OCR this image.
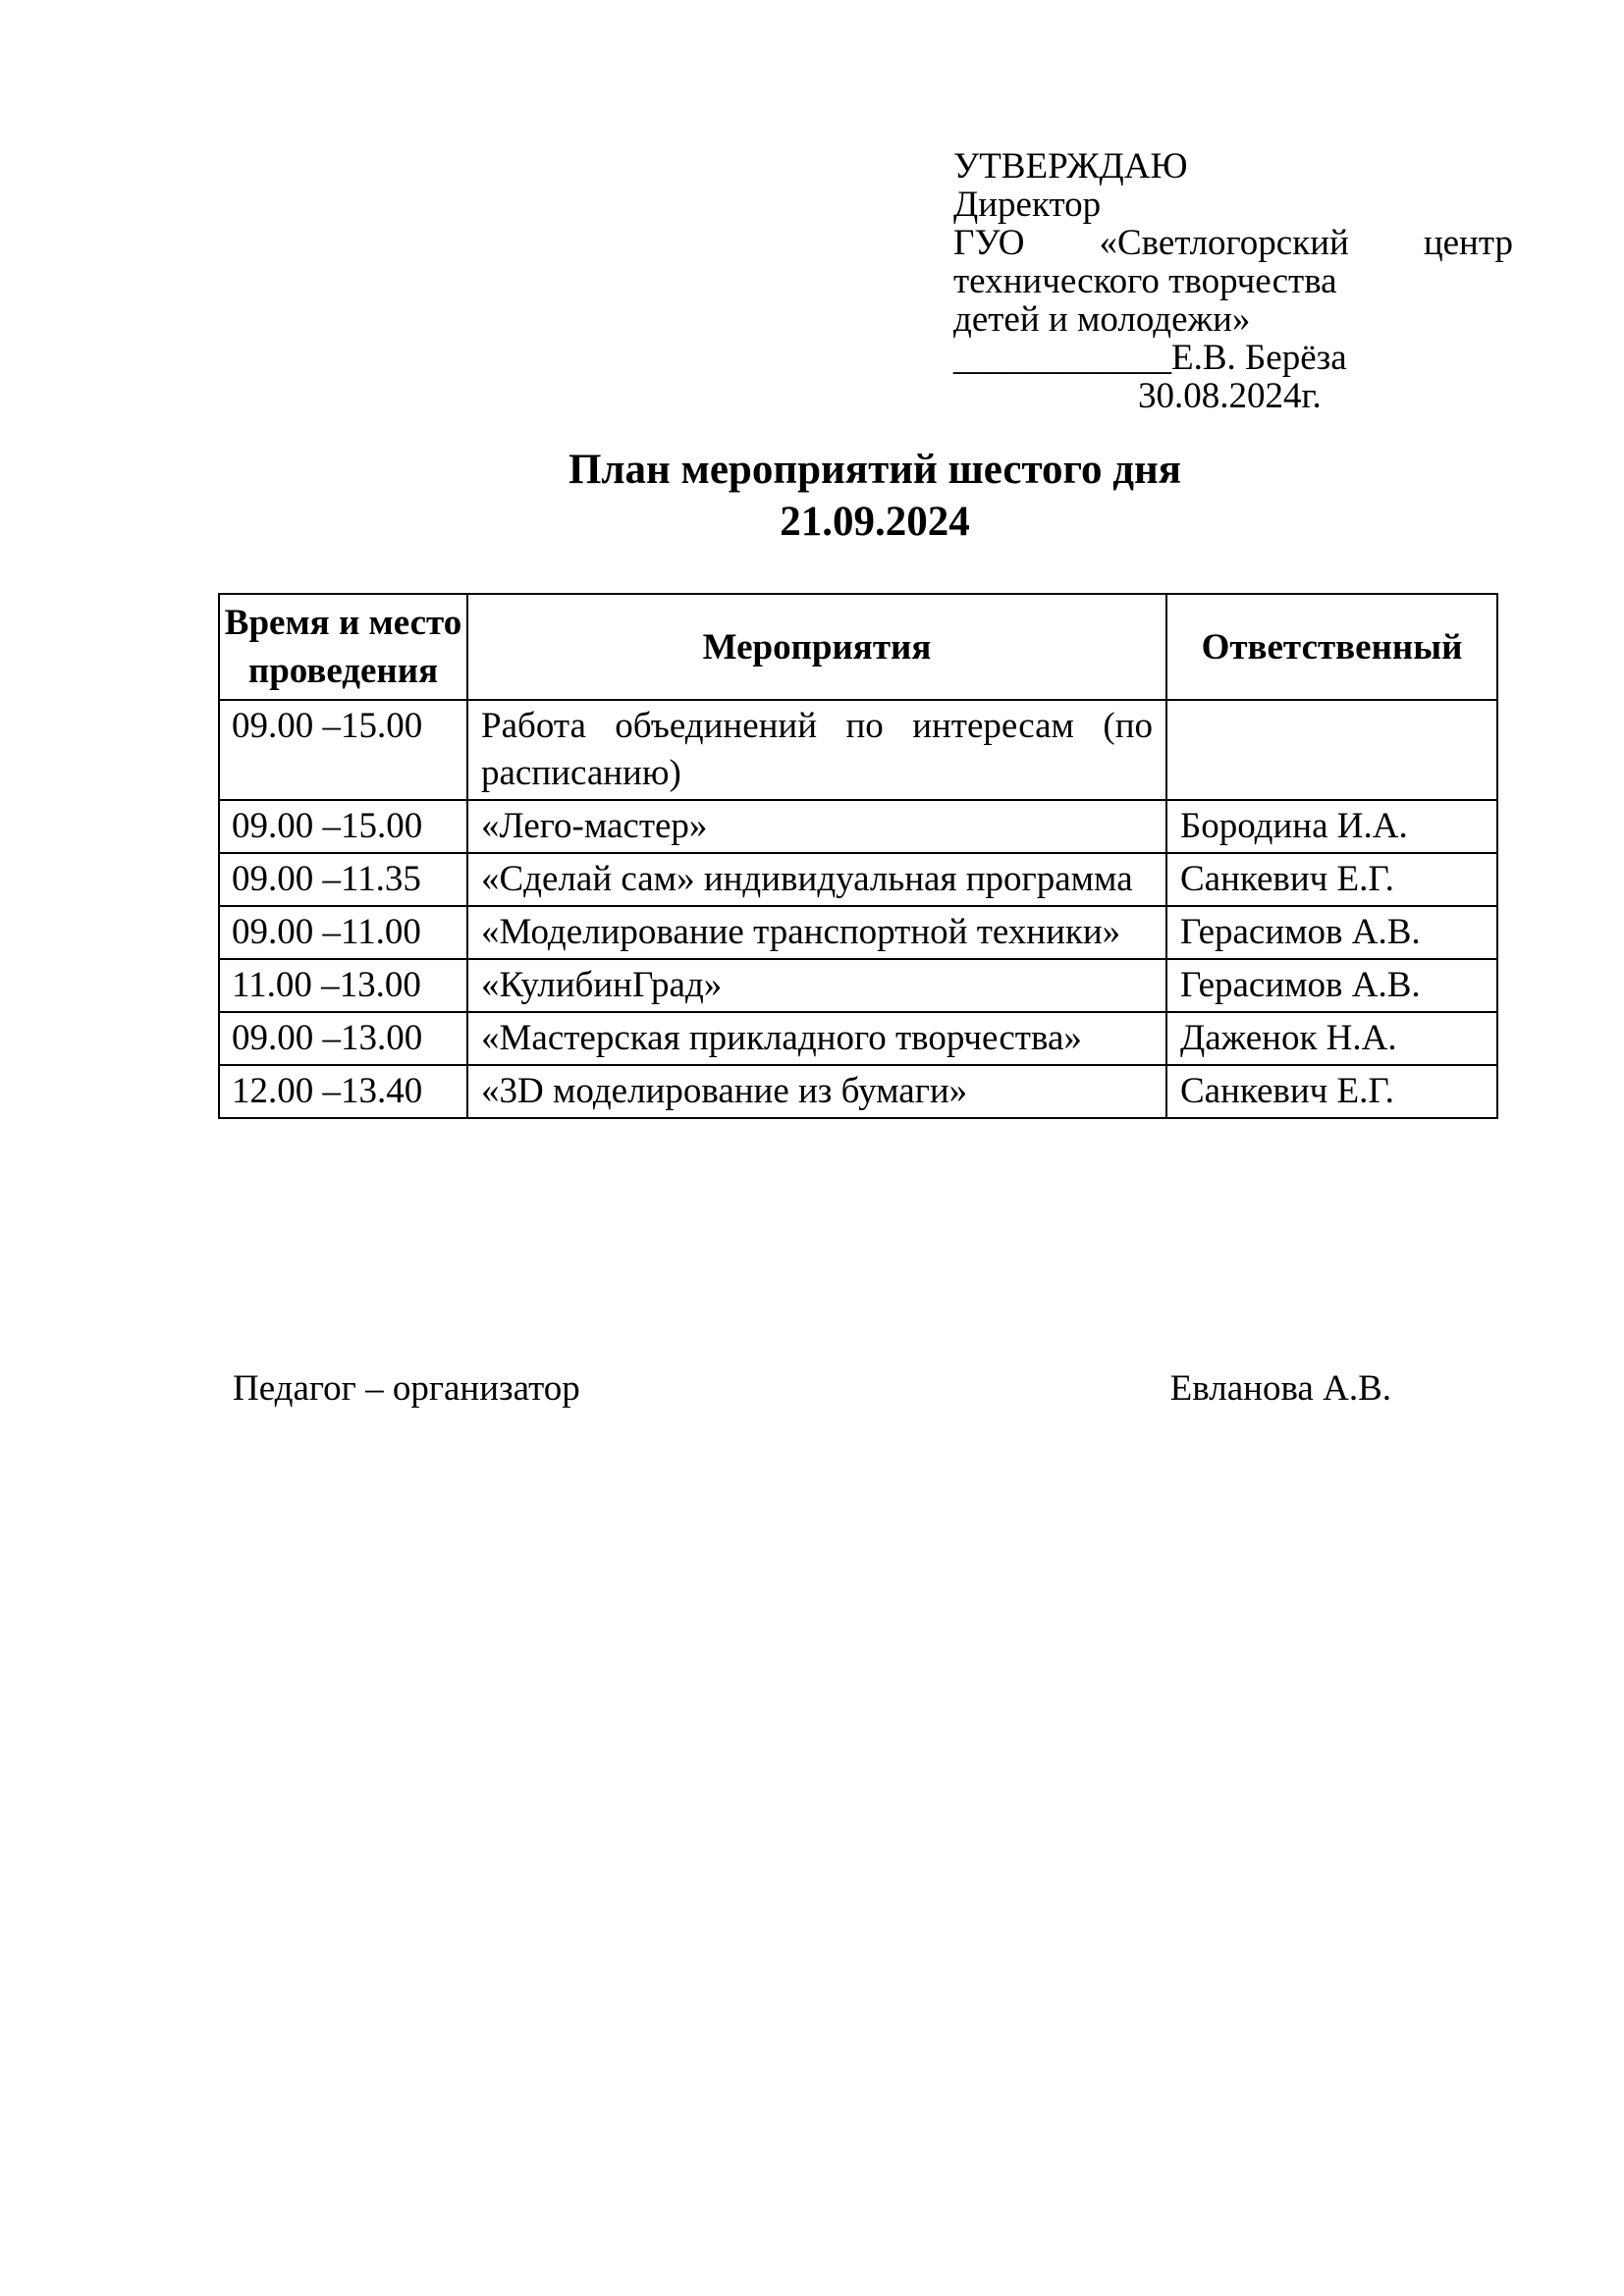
УТВЕРЖДАЮ
Директор
ГУО «Светлогорский центр
технического творчества
детей и молодежи»
____________Е.В. Берёза
30.08.2024г.
План мероприятий шестого дня
21.09.2024
Время и место проведения	Мероприятия	Ответственный
09.00 –15.00	Работа объединений по интересам (по расписанию)	
09.00 –15.00	«Лего-мастер»	Бородина И.А.
09.00 –11.35	«Сделай сам» индивидуальная программа	Санкевич Е.Г.
09.00 –11.00	«Моделирование транспортной техники»	Герасимов А.В.
11.00 –13.00	«КулибинГрад»	Герасимов А.В.
09.00 –13.00	«Мастерская прикладного творчества»	Даженок Н.А.
12.00 –13.40	«3D моделирование из бумаги»	Санкевич Е.Г.
Педагог – организатор	Евланова А.В.
